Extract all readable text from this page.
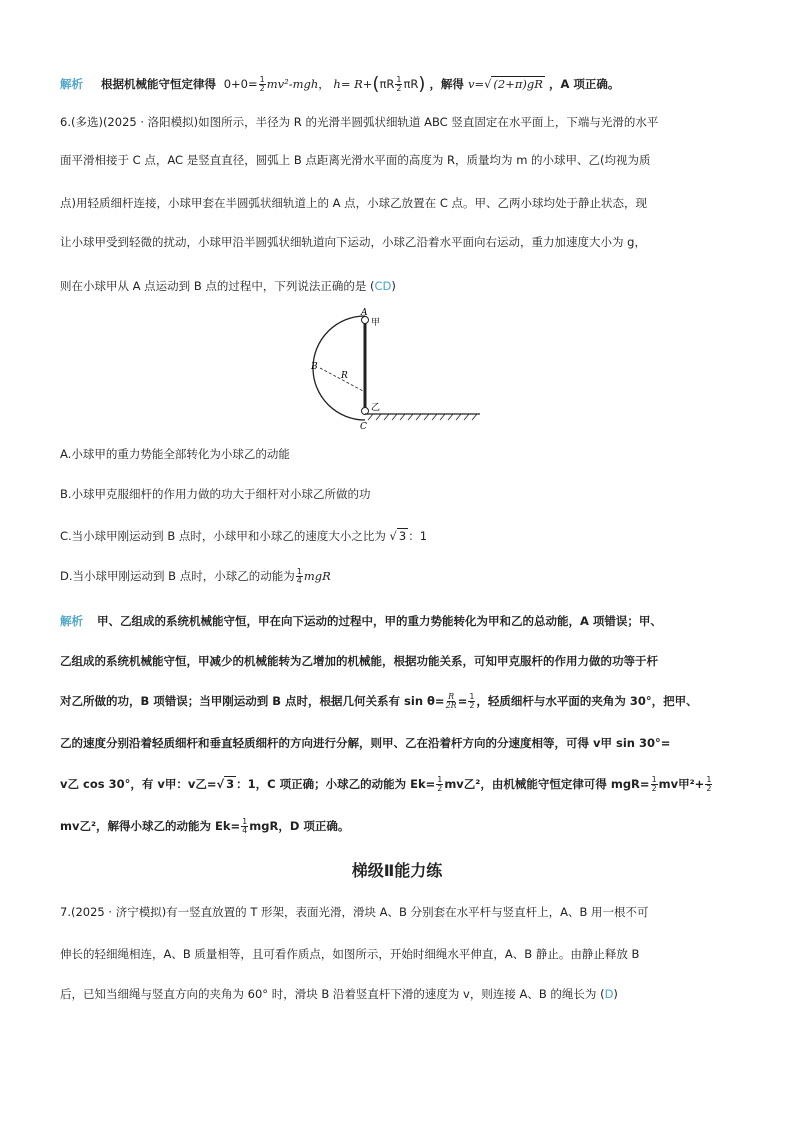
解析 根据机械能守恒定律得 $0+0= \frac{1}{2} mv^2-mgh$， $h= R+(\pi R \frac{1}{2} \pi R)$ ，解得 v=√ (2+π)gR ，A 项正确。
6.(多选)(2025 · 洛阳模拟)如图所示，半径为 R 的光滑半圆弧状细轨道 ABC 竖直固定在水平面上，下端与光滑的水平
面平滑相接于 C 点，AC 是竖直直径，圆弧上 B 点距离光滑水平面的高度为 R，质量均为 m 的小球甲、乙(均视为质
点)用轻质细杆连接，小球甲套在半圆弧状细轨道上的 A 点，小球乙放置在 C 点。甲、乙两小球均处于静止状态，现
让小球甲受到轻微的扰动，小球甲沿半圆弧状细轨道向下运动，小球乙沿着水平面向右运动，重力加速度大小为 g，
则在小球甲从 A 点运动到 B 点的过程中，下列说法正确的是 (CD)
A
甲
B
R
乙
C
A.小球甲的重力势能全部转化为小球乙的动能
B.小球甲克服细杆的作用力做的功大于细杆对小球乙所做的功
C.当小球甲刚运动到 B 点时，小球甲和小球乙的速度大小之比为 √ 3 ：1
D.当小球甲刚运动到 B 点时，小球乙的动能为 $\frac{1}{4}$ mgR
解析 甲、乙组成的系统机械能守恒，甲在向下运动的过程中，甲的重力势能转化为甲和乙的总动能，A 项错误；甲、
乙组成的系统机械能守恒，甲减少的机械能转为乙增加的机械能，根据功能关系，可知甲克服杆的作用力做的功等于杆
对乙所做的功，B 项错误；当甲刚运动到 B 点时，根据几何关系有 $\sin \theta= \frac{R}{2R} = \frac{1}{2}$ ，轻质细杆与水平面的夹角为 30°，把甲、
乙的速度分别沿着轻质细杆和垂直轻质细杆的方向进行分解，则甲、乙在沿着杆方向的分速度相等，可得 v甲 sin 30°=
v乙 cos 30°，有 v甲：v乙=√ 3 ：1，C 项正确；小球乙的动能为 $Ek= \frac{1}{2}$ mv乙²，由机械能守恒定律可得 $mgR= \frac{1}{2}$ mv甲$^2+ \frac{1}{2}$
mv乙²，解得小球乙的动能为 $Ek= \frac{1}{4}$ mgR，D 项正确。
梯级Ⅱ能力练
7.(2025 · 济宁模拟)有一竖直放置的 T 形架，表面光滑，滑块 A、B 分别套在水平杆与竖直杆上，A、B 用一根不可
伸长的轻细绳相连，A、B 质量相等，且可看作质点，如图所示，开始时细绳水平伸直，A、B 静止。由静止释放 B
后，已知当细绳与竖直方向的夹角为 60° 时，滑块 B 沿着竖直杆下滑的速度为 v，则连接 A、B 的绳长为 (D)
